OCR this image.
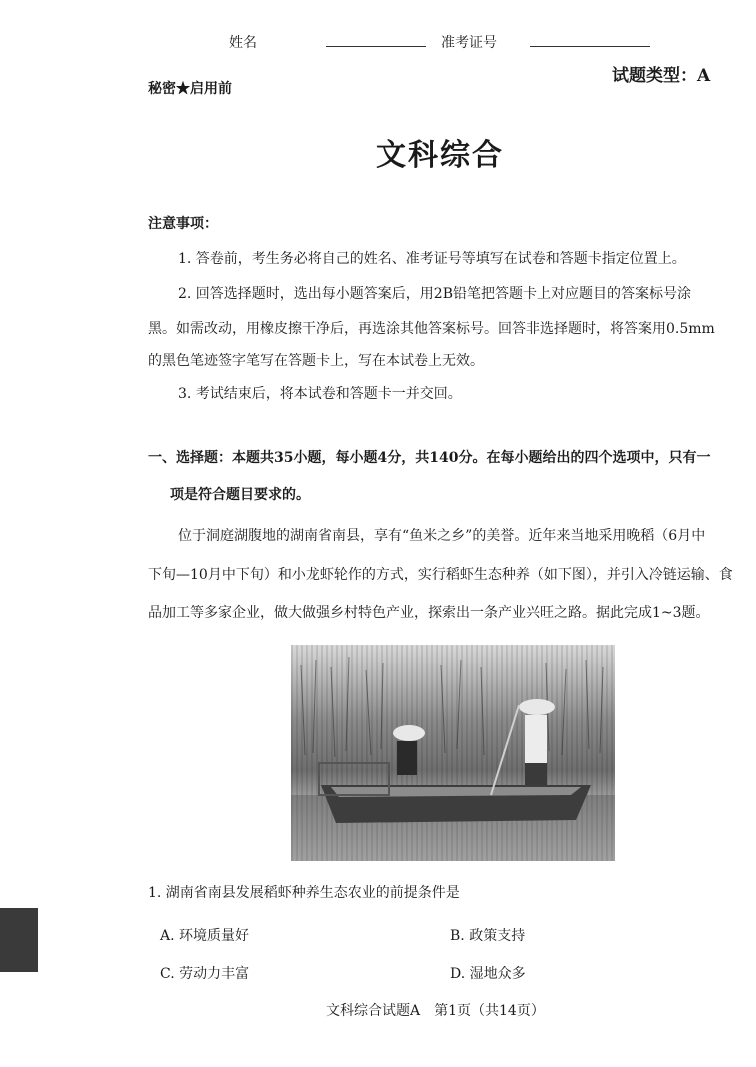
姓名	准考证号
试题类型：A
秘密★启用前
文科综合
注意事项：
1. 答卷前，考生务必将自己的姓名、准考证号等填写在试卷和答题卡指定位置上。
2. 回答选择题时，选出每小题答案后，用2B铅笔把答题卡上对应题目的答案标号涂
黑。如需改动，用橡皮擦干净后，再选涂其他答案标号。回答非选择题时，将答案用0.5mm
的黑色笔迹签字笔写在答题卡上，写在本试卷上无效。
3. 考试结束后，将本试卷和答题卡一并交回。
一、选择题：本题共35小题，每小题4分，共140分。在每小题给出的四个选项中，只有一
项是符合题目要求的。
位于洞庭湖腹地的湖南省南县，享有“鱼米之乡”的美誉。近年来当地采用晚稻（6月中
下旬—10月中下旬）和小龙虾轮作的方式，实行稻虾生态种养（如下图），并引入冷链运输、食
品加工等多家企业，做大做强乡村特色产业，探索出一条产业兴旺之路。据此完成1~3题。
1. 湖南省南县发展稻虾种养生态农业的前提条件是
A. 环境质量好	B. 政策支持
C. 劳动力丰富	D. 湿地众多
文科综合试题A　第1页（共14页）
